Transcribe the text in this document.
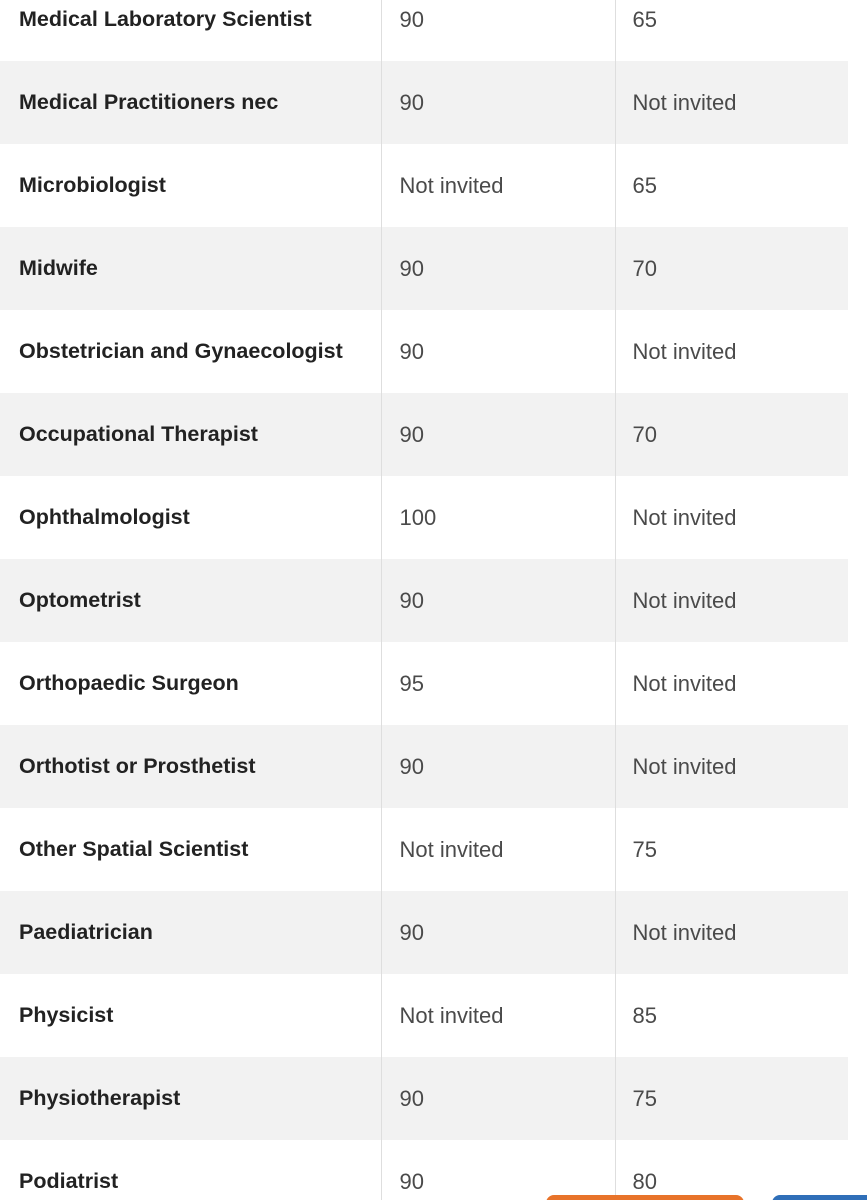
Medical Laboratory Scientist	90	65
Medical Practitioners nec	90	Not invited
Microbiologist	Not invited	65
Midwife	90	70
Obstetrician and Gynaecologist	90	Not invited
Occupational Therapist	90	70
Ophthalmologist	100	Not invited
Optometrist	90	Not invited
Orthopaedic Surgeon	95	Not invited
Orthotist or Prosthetist	90	Not invited
Other Spatial Scientist	Not invited	75
Paediatrician	90	Not invited
Physicist	Not invited	85
Physiotherapist	90	75
Podiatrist	90	80
